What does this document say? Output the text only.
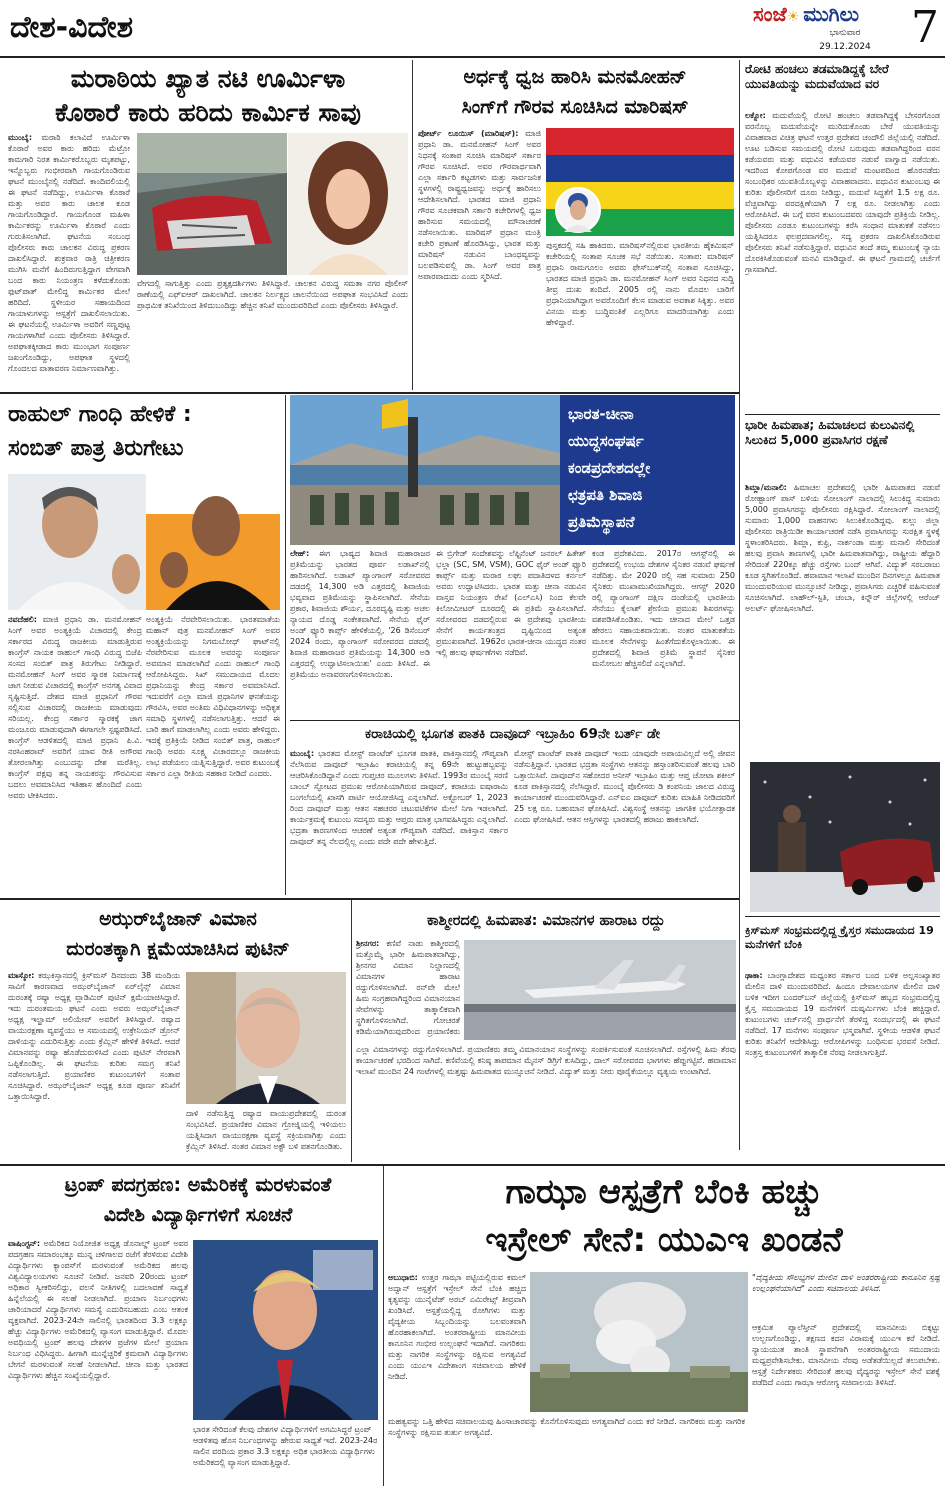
ದೇಶ-ವಿದೇಶ	ಸಂಜೆ☀ ಮುಗಿಲು
ಭಾನುವಾರ
29.12.2024 7
ಮರಾಠಿಯ ಖ್ಯಾತ ನಟಿ ಊರ್ಮಿಳಾ
ಕೊಠಾರೆ ಕಾರು ಹರಿದು ಕಾರ್ಮಿಕ ಸಾವು
ಮುಂಬೈ: ಮರಾಠಿ ಕಲಾವಿದೆ ಊರ್ಮಿಳಾ ಕೊಠಾರೆ ಅವರ ಕಾರು ಹರಿದು ಮೆಟ್ರೋ ಕಾಮಗಾರಿ ನಿರತ ಕಾರ್ಮಿಕರೊಬ್ಬರು ಮೃತಪಟ್ಟು, ಇನ್ನೊಬ್ಬರು ಗಂಭೀರವಾಗಿ ಗಾಯಗೊಂಡಿರುವ ಘಟನೆ ಮುಂಬೈನಲ್ಲಿ ನಡೆದಿದೆ. ಕಾಂದಿವಲಿಯಲ್ಲಿ ಈ ಘಟನೆ ನಡೆದಿದ್ದು, ಊರ್ಮಿಳಾ ಕೊಠಾರೆ ಮತ್ತು ಅವರ ಕಾರು ಚಾಲಕ ಕೂಡ ಗಾಯಗೊಂಡಿದ್ದಾರೆ. ಗಾಯಗೊಂಡ ಮಹಿಳಾ ಕಾರ್ಮಿಕರನ್ನು ಊರ್ಮಿಳಾ ಕೊಠಾರೆ ಎಂದು ಗುರುತಿಸಲಾಗಿದೆ. ಘಟನೆಯ ಸಂಬಂಧ ಪೊಲೀಸರು ಕಾರು ಚಾಲಕನ ವಿರುದ್ಧ ಪ್ರಕರಣ ದಾಖಲಿಸಿದ್ದಾರೆ. ಶುಕ್ರವಾರ ರಾತ್ರಿ ಚಿತ್ರೀಕರಣ ಮುಗಿಸಿ ಮನೆಗೆ ಹಿಂದಿರುಗುತ್ತಿದ್ದಾಗ ವೇಗವಾಗಿ ಬಂದ ಕಾರು ನಿಯಂತ್ರಣ ಕಳೆದುಕೊಂಡು ಫುಟ್‌ಪಾತ್ ಮೇಲಿದ್ದ ಕಾರ್ಮಿಕರ ಮೇಲೆ ಹರಿದಿದೆ. ಸ್ಥಳೀಯರ ಸಹಾಯದಿಂದ ಗಾಯಾಳುಗಳನ್ನು ಆಸ್ಪತ್ರೆಗೆ ದಾಖಲಿಸಲಾಯಿತು. ಈ ಘಟನೆಯಲ್ಲಿ ಊರ್ಮಿಳಾ ಅವರಿಗೆ ಸಣ್ಣಪುಟ್ಟ ಗಾಯಗಳಾಗಿವೆ ಎಂದು ಪೊಲೀಸರು ತಿಳಿಸಿದ್ದಾರೆ. ಅಪಘಾತಕ್ಕೀಡಾದ ಕಾರು ಮುಂಭಾಗ ಸಂಪೂರ್ಣ ಜಖಂಗೊಂಡಿದ್ದು, ಅಪಘಾತ ಸ್ಥಳದಲ್ಲಿ ಗೊಂದಲದ ವಾತಾವರಣ ನಿರ್ಮಾಣವಾಗಿತ್ತು.
ವೇಗದಲ್ಲಿ ಸಾಗುತ್ತಿತ್ತು ಎಂದು ಪ್ರತ್ಯಕ್ಷದರ್ಶಿಗಳು ತಿಳಿಸಿದ್ದಾರೆ. ಚಾಲಕನ ವಿರುದ್ಧ ಸಮತಾ ನಗರ ಪೊಲೀಸ್ ಠಾಣೆಯಲ್ಲಿ ಎಫ್‌ಐಆರ್ ದಾಖಲಾಗಿದೆ. ಚಾಲಕನ ನಿರ್ಲಕ್ಷ್ಯದ ಚಾಲನೆಯಿಂದ ಅಪಘಾತ ಸಂಭವಿಸಿದೆ ಎಂದು ಪ್ರಾಥಮಿಕ ತನಿಖೆಯಿಂದ ತಿಳಿದುಬಂದಿದ್ದು ಹೆಚ್ಚಿನ ತನಿಖೆ ಮುಂದುವರಿದಿದೆ ಎಂದು ಪೊಲೀಸರು ತಿಳಿಸಿದ್ದಾರೆ.
ಅರ್ಧಕ್ಕೆ ಧ್ವಜ ಹಾರಿಸಿ ಮನಮೋಹನ್
ಸಿಂಗ್‌ಗೆ ಗೌರವ ಸೂಚಿಸಿದ ಮಾರಿಷಸ್
ಪೋರ್ಟ್ ಲೂಯಿಸ್ (ಮಾರಿಷಸ್): ಮಾಜಿ ಪ್ರಧಾನಿ ಡಾ. ಮನಮೋಹನ್ ಸಿಂಗ್ ಅವರ ನಿಧನಕ್ಕೆ ಸಂತಾಪ ಸೂಚಿಸಿ ಮಾರಿಷಸ್ ಸರ್ಕಾರ ಗೌರವ ಸೂಚಿಸಿದೆ. ಅವರ ಗೌರವಾರ್ಥವಾಗಿ ಎಲ್ಲಾ ಸರ್ಕಾರಿ ಕಟ್ಟಡಗಳು ಮತ್ತು ಸಾರ್ವಜನಿಕ ಸ್ಥಳಗಳಲ್ಲಿ ರಾಷ್ಟ್ರಧ್ವಜವನ್ನು ಅರ್ಧಕ್ಕೆ ಹಾರಿಸಲು ಆದೇಶಿಸಲಾಗಿದೆ. ಭಾರತದ ಮಾಜಿ ಪ್ರಧಾನಿ ಗೌರವ ಸೂಚಕವಾಗಿ ಸರ್ಕಾರಿ ಕಚೇರಿಗಳಲ್ಲಿ ಧ್ವಜ ಹಾರಿಸುವ ಸಮಯದಲ್ಲಿ ಮೌನಾಚರಣೆ ನಡೆಸಲಾಯಿತು. ಮಾರಿಷಸ್ ಪ್ರಧಾನ ಮಂತ್ರಿ ಕಚೇರಿ ಪ್ರಕಟಣೆ ಹೊರಡಿಸಿದ್ದು, ಭಾರತ ಮತ್ತು ಮಾರಿಷಸ್ ನಡುವಿನ ಬಾಂಧವ್ಯವನ್ನು ಬಲಪಡಿಸುವಲ್ಲಿ ಡಾ. ಸಿಂಗ್ ಅವರ ಪಾತ್ರ ಅಪಾರವಾದುದು ಎಂದು ಸ್ಮರಿಸಿದೆ.
ಪುಸ್ತಕದಲ್ಲಿ ಸಹಿ ಹಾಕಿದರು. ಮಾರಿಷಸ್‌ನಲ್ಲಿರುವ ಭಾರತೀಯ ಹೈಕಮಿಷನ್ ಕಚೇರಿಯಲ್ಲಿ ಸಂತಾಪ ಸೂಚಕ ಸಭೆ ನಡೆಯಿತು. ಸಂತಾಪ: ಮಾರಿಷಸ್ ಪ್ರಧಾನಿ ರಾಮಗೂಲಂ ಅವರು ಫೇಸ್‌ಬುಕ್‌ನಲ್ಲಿ ಸಂತಾಪ ಸೂಚಿಸಿದ್ದು, ಭಾರತದ ಮಾಜಿ ಪ್ರಧಾನಿ ಡಾ. ಮನಮೋಹನ್ ಸಿಂಗ್ ಅವರ ನಿಧನದ ಸುದ್ದಿ ತೀವ್ರ ದುಃಖ ತಂದಿದೆ. 2005 ರಲ್ಲಿ ನಾನು ಮೊದಲ ಬಾರಿಗೆ ಪ್ರಧಾನಿಯಾಗಿದ್ದಾಗ ಅವರೊಂದಿಗೆ ಕೆಲಸ ಮಾಡುವ ಅವಕಾಶ ಸಿಕ್ಕಿತ್ತು. ಅವರ ವಿನಯ ಮತ್ತು ಬುದ್ಧಿವಂತಿಕೆ ಎಲ್ಲರಿಗೂ ಮಾದರಿಯಾಗಿತ್ತು ಎಂದು ಹೇಳಿದ್ದಾರೆ.
ರೋಟಿ ಹಂಚಲು ತಡಮಾಡಿದ್ದಕ್ಕೆ ಬೇರೆ ಯುವತಿಯನ್ನು ಮದುವೆಯಾದ ವರ
ಲಕ್ನೋ: ಮದುವೆಯಲ್ಲಿ ರೋಟಿ ಹಂಚಲು ತಡವಾಗಿದ್ದಕ್ಕೆ ಬೇಸರಗೊಂಡ ವರನೊಬ್ಬ ಮದುವೆಯನ್ನೇ ಮುರಿದುಕೊಂಡು ಬೇರೆ ಯುವತಿಯನ್ನು ವಿವಾಹವಾದ ವಿಚಿತ್ರ ಘಟನೆ ಉತ್ತರ ಪ್ರದೇಶದ ಚಂದೌಲಿ ಜಿಲ್ಲೆಯಲ್ಲಿ ನಡೆದಿದೆ. ಊಟ ಬಡಿಸುವ ಸಮಯದಲ್ಲಿ ರೋಟಿ ಬರುವುದು ತಡವಾಗಿದ್ದರಿಂದ ವರನ ಕಡೆಯವರು ಮತ್ತು ವಧುವಿನ ಕಡೆಯವರ ನಡುವೆ ವಾಗ್ವಾದ ನಡೆಯಿತು. ಇದರಿಂದ ಕೋಪಗೊಂಡ ವರ ಮದುವೆ ಮಂಟಪದಿಂದ ಹೊರನಡೆದು ಸಂಬಂಧಿಕರ ಯುವತಿಯೊಬ್ಬಳನ್ನು ವಿವಾಹವಾದನು. ವಧುವಿನ ಕುಟುಂಬವು ಈ ಕುರಿತು ಪೊಲೀಸರಿಗೆ ದೂರು ನೀಡಿದ್ದು, ಮದುವೆ ಸಿದ್ಧತೆಗೆ 1.5 ಲಕ್ಷ ರೂ. ವೆಚ್ಚವಾಗಿದ್ದು ವರದಕ್ಷಿಣೆಯಾಗಿ 7 ಲಕ್ಷ ರೂ. ನೀಡಲಾಗಿತ್ತು ಎಂದು ಆರೋಪಿಸಿದೆ. ಈ ಬಗ್ಗೆ ವರನ ಕುಟುಂಬದವರು ಯಾವುದೇ ಪ್ರತಿಕ್ರಿಯೆ ನೀಡಿಲ್ಲ. ಪೊಲೀಸರು ಎರಡೂ ಕುಟುಂಬಗಳನ್ನು ಕರೆಸಿ ಸಂಧಾನ ಮಾತುಕತೆ ನಡೆಸಲು ಯತ್ನಿಸಿದರೂ ಫಲಪ್ರದವಾಗಲಿಲ್ಲ. ಸದ್ಯ ಪ್ರಕರಣ ದಾಖಲಿಸಿಕೊಂಡಿರುವ ಪೊಲೀಸರು ತನಿಖೆ ನಡೆಸುತ್ತಿದ್ದಾರೆ. ವಧುವಿನ ತಂದೆ ತಮ್ಮ ಕುಟುಂಬಕ್ಕೆ ನ್ಯಾಯ ದೊರಕಿಸಿಕೊಡುವಂತೆ ಮನವಿ ಮಾಡಿದ್ದಾರೆ. ಈ ಘಟನೆ ಗ್ರಾಮದಲ್ಲಿ ಚರ್ಚೆಗೆ ಗ್ರಾಸವಾಗಿದೆ.
ಭಾರೀ ಹಿಮಪಾತ; ಹಿಮಾಚಲದ ಕುಲುವಿನಲ್ಲಿ ಸಿಲುಕಿದ 5,000 ಪ್ರವಾಸಿಗರ ರಕ್ಷಣೆ
ಶಿಮ್ಲಾ/ಮನಾಲಿ: ಹಿಮಾಚಲ ಪ್ರದೇಶದಲ್ಲಿ ಭಾರೀ ಹಿಮಪಾತದ ನಡುವೆ ರೋಹ್ಟಾಂಗ್ ಪಾಸ್ ಬಳಿಯ ಸೋಲಾಂಗ್ ನಾಲಾದಲ್ಲಿ ಸಿಲುಕಿದ್ದ ಸುಮಾರು 5,000 ಪ್ರವಾಸಿಗರನ್ನು ಪೊಲೀಸರು ರಕ್ಷಿಸಿದ್ದಾರೆ. ಸೋಲಾಂಗ್ ನಾಲಾದಲ್ಲಿ ಸುಮಾರು 1,000 ವಾಹನಗಳು ಸಿಲುಕಿಕೊಂಡಿದ್ದವು. ಕುಲ್ಲು ಜಿಲ್ಲಾ ಪೊಲೀಸರು ರಾತ್ರಿಯಿಡೀ ಕಾರ್ಯಾಚರಣೆ ನಡೆಸಿ ಪ್ರವಾಸಿಗರನ್ನು ಸುರಕ್ಷಿತ ಸ್ಥಳಕ್ಕೆ ಸ್ಥಳಾಂತರಿಸಿದರು. ಶಿಮ್ಲಾ, ಕುಫ್ರಿ, ನಾರ್ಕಂಡಾ ಮತ್ತು ಮನಾಲಿ ಸೇರಿದಂತೆ ಹಲವು ಪ್ರವಾಸಿ ತಾಣಗಳಲ್ಲಿ ಭಾರೀ ಹಿಮಪಾತವಾಗಿದ್ದು, ರಾಷ್ಟ್ರೀಯ ಹೆದ್ದಾರಿ ಸೇರಿದಂತೆ 220ಕ್ಕೂ ಹೆಚ್ಚು ರಸ್ತೆಗಳು ಬಂದ್ ಆಗಿವೆ. ವಿದ್ಯುತ್ ಸರಬರಾಜು ಕೂಡ ಸ್ಥಗಿತಗೊಂಡಿದೆ. ಹವಾಮಾನ ಇಲಾಖೆ ಮುಂದಿನ ದಿನಗಳಲ್ಲೂ ಹಿಮಪಾತ ಮುಂದುವರಿಯುವ ಮುನ್ಸೂಚನೆ ನೀಡಿದ್ದು, ಪ್ರವಾಸಿಗರು ಎಚ್ಚರಿಕೆ ವಹಿಸುವಂತೆ ಸೂಚಿಸಲಾಗಿದೆ. ಲಾಹೌಲ್-ಸ್ಪಿತಿ, ಚಂಬಾ, ಕಿನ್ನೌರ್ ಜಿಲ್ಲೆಗಳಲ್ಲಿ ಆರೆಂಜ್ ಅಲರ್ಟ್ ಘೋಷಿಸಲಾಗಿದೆ.
ಕ್ರಿಸ್‌ಮಸ್ ಸಂಭ್ರಮದಲ್ಲಿದ್ದ ಕ್ರೈಸ್ತರ ಸಮುದಾಯದ 19 ಮನೆಗಳಿಗೆ ಬೆಂಕಿ
ಢಾಕಾ: ಬಾಂಗ್ಲಾದೇಶದ ಮಧ್ಯಂತರ ಸರ್ಕಾರ ಬಂದ ಬಳಿಕ ಅಲ್ಪಸಂಖ್ಯಾತರ ಮೇಲಿನ ದಾಳಿ ಮುಂದುವರಿದಿದೆ. ಹಿಂದೂ ದೇವಾಲಯಗಳ ಮೇಲಿನ ದಾಳಿ ಬಳಿಕ ಇದೀಗ ಬಂದರ್‌ಬನ್ ಜಿಲ್ಲೆಯಲ್ಲಿ ಕ್ರಿಸ್‌ಮಸ್ ಹಬ್ಬದ ಸಂಭ್ರಮದಲ್ಲಿದ್ದ ಕ್ರೈಸ್ತ ಸಮುದಾಯದ 19 ಮನೆಗಳಿಗೆ ದುಷ್ಕರ್ಮಿಗಳು ಬೆಂಕಿ ಹಚ್ಚಿದ್ದಾರೆ. ಕುಟುಂಬಗಳು ಚರ್ಚ್‌ನಲ್ಲಿ ಪ್ರಾರ್ಥನೆಗೆ ತೆರಳಿದ್ದ ಸಂದರ್ಭದಲ್ಲಿ ಈ ಘಟನೆ ನಡೆದಿದೆ. 17 ಮನೆಗಳು ಸಂಪೂರ್ಣ ಭಸ್ಮವಾಗಿವೆ. ಸ್ಥಳೀಯ ಆಡಳಿತ ಘಟನೆ ಕುರಿತು ತನಿಖೆಗೆ ಆದೇಶಿಸಿದ್ದು ಆರೋಪಿಗಳನ್ನು ಬಂಧಿಸುವ ಭರವಸೆ ನೀಡಿದೆ. ಸಂತ್ರಸ್ತ ಕುಟುಂಬಗಳಿಗೆ ತಾತ್ಕಾಲಿಕ ನೆರವು ನೀಡಲಾಗುತ್ತಿದೆ.
ರಾಹುಲ್ ಗಾಂಧಿ ಹೇಳಿಕೆ :
ಸಂಬಿತ್ ಪಾತ್ರ ತಿರುಗೇಟು
ನವದೆಹಲಿ: ಮಾಜಿ ಪ್ರಧಾನಿ ಡಾ. ಮನಮೋಹನ್ ಸಿಂಗ್ ಅವರ ಅಂತ್ಯಕ್ರಿಯೆ ವಿಚಾರದಲ್ಲಿ ಕೇಂದ್ರ ಸರ್ಕಾರದ ವಿರುದ್ಧ ರಾಜಕೀಯ ಮಾಡುತ್ತಿರುವ ಕಾಂಗ್ರೆಸ್ ನಾಯಕ ರಾಹುಲ್ ಗಾಂಧಿ ವಿರುದ್ಧ ಬಿಜೆಪಿ ಸಂಸದ ಸಂಬಿತ್ ಪಾತ್ರ ತಿರುಗೇಟು ನೀಡಿದ್ದಾರೆ. ಮನಮೋಹನ್ ಸಿಂಗ್ ಅವರ ಸ್ಮಾರಕ ನಿರ್ಮಾಣಕ್ಕೆ ಜಾಗ ನೀಡುವ ವಿಚಾರದಲ್ಲಿ ಕಾಂಗ್ರೆಸ್ ಅನಗತ್ಯ ವಿವಾದ ಸೃಷ್ಟಿಸುತ್ತಿದೆ. ದೇಶದ ಮಾಜಿ ಪ್ರಧಾನಿಗೆ ಗೌರವ ಸಲ್ಲಿಸುವ ವಿಚಾರದಲ್ಲಿ ರಾಜಕೀಯ ಮಾಡುವುದು ಸರಿಯಲ್ಲ. ಕೇಂದ್ರ ಸರ್ಕಾರ ಸ್ಮಾರಕಕ್ಕೆ ಜಾಗ ಮಂಜೂರು ಮಾಡುವುದಾಗಿ ಈಗಾಗಲೇ ಸ್ಪಷ್ಟಪಡಿಸಿದೆ. ಕಾಂಗ್ರೆಸ್ ಆಡಳಿತದಲ್ಲಿ ಮಾಜಿ ಪ್ರಧಾನಿ ಪಿ.ವಿ. ನರಸಿಂಹರಾವ್ ಅವರಿಗೆ ಯಾವ ರೀತಿ ಅಗೌರವ ತೋರಲಾಗಿತ್ತು ಎಂಬುದನ್ನು ದೇಶ ಮರೆತಿಲ್ಲ. ಕಾಂಗ್ರೆಸ್ ಪಕ್ಷವು ತನ್ನ ನಾಯಕರನ್ನು ಗೌರವಿಸುವ ಬದಲು ಅವಮಾನಿಸಿದ ಇತಿಹಾಸ ಹೊಂದಿದೆ ಎಂದು ಅವರು ಟೀಕಿಸಿದರು.
ಅಂತ್ಯಕ್ರಿಯೆ ನೆರವೇರಿಸಲಾಯಿತು. ಭಾರತಮಾತೆಯ ಮಹಾನ್ ಪುತ್ರ ಮನಮೋಹನ್ ಸಿಂಗ್ ಅವರ ಅಂತ್ಯಕ್ರಿಯೆಯನ್ನು ನಿಗಮಬೋಧ್ ಘಾಟ್‌ನಲ್ಲಿ ನೆರವೇರಿಸುವ ಮೂಲಕ ಅವರನ್ನು ಸಂಪೂರ್ಣ ಅವಮಾನ ಮಾಡಲಾಗಿದೆ ಎಂದು ರಾಹುಲ್ ಗಾಂಧಿ ಆರೋಪಿಸಿದ್ದರು. ಸಿಖ್ ಸಮುದಾಯದ ಮೊದಲ ಪ್ರಧಾನಿಯನ್ನು ಕೇಂದ್ರ ಸರ್ಕಾರ ಅವಮಾನಿಸಿದೆ. ಇದುವರೆಗೆ ಎಲ್ಲಾ ಮಾಜಿ ಪ್ರಧಾನಿಗಳ ಘನತೆಯನ್ನು ಗೌರವಿಸಿ, ಅವರ ಅಂತಿಮ ವಿಧಿವಿಧಾನಗಳನ್ನು ಅಧಿಕೃತ ಸಮಾಧಿ ಸ್ಥಳಗಳಲ್ಲಿ ನಡೆಸಲಾಗುತ್ತಿತ್ತು. ಆದರೆ ಈ ಬಾರಿ ಹಾಗೆ ಮಾಡಲಾಗಿಲ್ಲ ಎಂದು ಅವರು ಹೇಳಿದ್ದರು. ಇದಕ್ಕೆ ಪ್ರತಿಕ್ರಿಯೆ ನೀಡಿದ ಸಂಬಿತ್ ಪಾತ್ರ, ರಾಹುಲ್ ಗಾಂಧಿ ಅವರು ಸೂಕ್ಷ್ಮ ವಿಚಾರದಲ್ಲೂ ರಾಜಕೀಯ ಲಾಭ ಪಡೆಯಲು ಯತ್ನಿಸುತ್ತಿದ್ದಾರೆ. ಅವರ ಕುಟುಂಬಕ್ಕೆ ಸರ್ಕಾರ ಎಲ್ಲಾ ರೀತಿಯ ಸಹಕಾರ ನೀಡಿದೆ ಎಂದರು.
ಭಾರತ-ಚೀನಾ
ಯುದ್ಧಸಂಘರ್ಷ
ಕಂಡಪ್ರದೇಶದಲ್ಲೇ
ಛತ್ರಪತಿ ಶಿವಾಜಿ
ಪ್ರತಿಮೆಸ್ಥಾಪನೆ
ಲೇಹ್: ಈಗ ಭಾಷ್ಯದ ಶಿವಾಜಿ ಮಹಾರಾಜರ ಪ್ರತಿಮೆಯನ್ನು ಭಾರತದ ಪೂರ್ವ ಲಡಾಖ್‌ನಲ್ಲಿ ಹಾರಿಸಲಾಗಿದೆ. ಲಡಾಖ್ ಪ್ಯಾಂಗಾಂಗ್ ಸರೋವರದ ದಡದಲ್ಲಿ 14,300 ಅಡಿ ಎತ್ತರದಲ್ಲಿ ಶಿವಾಜಿಯ ಭವ್ಯವಾದ ಪ್ರತಿಮೆಯನ್ನು ಸ್ಥಾಪಿಸಲಾಗಿದೆ. ಸೇನೆಯ ಪ್ರಕಾರ, ಶಿವಾಜಿಯ ಶೌರ್ಯ, ದೂರದೃಷ್ಟಿ ಮತ್ತು ಅಚಲ ನ್ಯಾಯದ ದೊಡ್ಡ ಸಂಕೇತವಾಗಿದೆ. ಸೇನೆಯ ಫೈರ್ ಅಂಡ್ ಫ್ಯೂರಿ ಕಾರ್ಪ್ಸ್ ಹೇಳಿಕೆಯಲ್ಲಿ, '26 ಡಿಸೆಂಬರ್ 2024 ರಂದು, ಪ್ಯಾಂಗಾಂಗ್ ಸರೋವರದ ದಡದಲ್ಲಿ ಶಿವಾಜಿ ಮಹಾರಾಜರ ಪ್ರತಿಮೆಯನ್ನು 14,300 ಅಡಿ ಎತ್ತರದಲ್ಲಿ ಉದ್ಘಾಟಿಸಲಾಯಿತು' ಎಂದು ತಿಳಿಸಿದೆ. ಈ ಪ್ರತಿಮೆಯು ಅನಾವರಣಗೊಳಿಸಲಾಯಿತು.
ಈ ಬ್ರಿಗೇಡ್ ಸಂದೇಶವನ್ನು ಲೆಫ್ಟಿನೆಂಟ್ ಜನರಲ್ ಹಿತೇಶ್ ಭಲ್ಲಾ (SC, SM, VSM), GOC ಫೈರ್ ಅಂಡ್ ಫ್ಯೂರಿ ಕಾರ್ಪ್ಸ್ ಮತ್ತು ಮರಾಠ ಲಘು ಪದಾತಿದಳದ ಕರ್ನಲ್ ಅವರು ಉದ್ಘಾಟಿಸಿದರು. ಭಾರತ ಮತ್ತು ಚೀನಾ ನಡುವಿನ ವಾಸ್ತವ ನಿಯಂತ್ರಣ ರೇಖೆ (ಎಲ್‌ಎಸಿ) ನಿಂದ ಕೆಲವೇ ಕಿಲೋಮೀಟರ್ ದೂರದಲ್ಲಿ ಈ ಪ್ರತಿಮೆ ಸ್ಥಾಪಿಸಲಾಗಿದೆ. ಸರೋವರದ ದಡದಲ್ಲಿರುವ ಈ ಪ್ರದೇಶವು ಭಾರತೀಯ ಸೇನೆಗೆ ಕಾರ್ಯತಂತ್ರದ ದೃಷ್ಟಿಯಿಂದ ಅತ್ಯಂತ ಪ್ರಮುಖವಾಗಿದೆ. 1962ರ ಭಾರತ-ಚೀನಾ ಯುದ್ಧದ ನಂತರ ಇಲ್ಲಿ ಹಲವು ಘರ್ಷಣೆಗಳು ನಡೆದಿವೆ.
ಕಂಡ ಪ್ರದೇಶವಿದು. 2017ರ ಆಗಸ್ಟ್‌ನಲ್ಲಿ ಈ ಪ್ರದೇಶದಲ್ಲಿ ಉಭಯ ದೇಶಗಳ ಸೈನಿಕರ ನಡುವೆ ಘರ್ಷಣೆ ನಡೆದಿತ್ತು. ಮೇ 2020 ರಲ್ಲಿ ಸಹ ಸುಮಾರು 250 ಸೈನಿಕರು ಮುಖಾಮುಖಿಯಾಗಿದ್ದರು. ಆಗಸ್ಟ್ 2020 ರಲ್ಲಿ ಪ್ಯಾಂಗಾಂಗ್ ದಕ್ಷಿಣ ದಂಡೆಯಲ್ಲಿ ಭಾರತೀಯ ಸೇನೆಯು ಕೈಲಾಶ್ ಶ್ರೇಣಿಯ ಪ್ರಮುಖ ಶಿಖರಗಳನ್ನು ವಶಪಡಿಸಿಕೊಂಡಿತು. ಇದು ಚೀನಾದ ಮೇಲೆ ಒತ್ತಡ ಹೇರಲು ಸಹಾಯಕವಾಯಿತು. ನಂತರ ಮಾತುಕತೆಯ ಮೂಲಕ ಸೇನೆಗಳನ್ನು ಹಿಂತೆಗೆದುಕೊಳ್ಳಲಾಯಿತು. ಈ ಪ್ರದೇಶದಲ್ಲಿ ಶಿವಾಜಿ ಪ್ರತಿಮೆ ಸ್ಥಾಪನೆ ಸೈನಿಕರ ಮನೋಬಲ ಹೆಚ್ಚಿಸಲಿದೆ ಎನ್ನಲಾಗಿದೆ.
ಕರಾಚಿಯಲ್ಲಿ ಭೂಗತ ಪಾತಕಿ ದಾವೂದ್ ಇಬ್ರಾಹಿಂ 69ನೇ ಬರ್ತ್ ಡೇ
ಮುಂಬೈ: ಭಾರತದ ಮೋಸ್ಟ್ ವಾಂಟೆಡ್ ಭೂಗತ ಪಾತಕಿ, ಪಾಕಿಸ್ತಾನದಲ್ಲಿ ಗೌಪ್ಯವಾಗಿ ನೆಲೆಸಿರುವ ದಾವೂದ್ ಇಬ್ರಾಹಿಂ ಕರಾಚಿಯಲ್ಲಿ ತನ್ನ 69ನೇ ಹುಟ್ಟುಹಬ್ಬವನ್ನು ಆಚರಿಸಿಕೊಂಡಿದ್ದಾನೆ ಎಂದು ಗುಪ್ತಚರ ಮೂಲಗಳು ತಿಳಿಸಿವೆ. 1993ರ ಮುಂಬೈ ಸರಣಿ ಬಾಂಬ್ ಸ್ಫೋಟದ ಪ್ರಮುಖ ಆರೋಪಿಯಾಗಿರುವ ದಾವೂದ್, ಕರಾಚಿಯ ಐಷಾರಾಮಿ ಬಂಗಲೆಯಲ್ಲಿ ಖಾಸಗಿ ಪಾರ್ಟಿ ಆಯೋಜಿಸಿದ್ದ ಎನ್ನಲಾಗಿದೆ. ಅಕ್ಟೋಬರ್ 1, 2023 ರಿಂದ ದಾವೂದ್ ಮತ್ತು ಆತನ ಸಹಚರರ ಚಟುವಟಿಕೆಗಳ ಮೇಲೆ ನಿಗಾ ಇಡಲಾಗಿದೆ. ಕಾರ್ಯಕ್ರಮಕ್ಕೆ ಕುಟುಂಬ ಸದಸ್ಯರು ಮತ್ತು ಆಪ್ತರು ಮಾತ್ರ ಭಾಗವಹಿಸಿದ್ದರು ಎನ್ನಲಾಗಿದೆ. ಭದ್ರತಾ ಕಾರಣಗಳಿಂದ ಆಚರಣೆ ಅತ್ಯಂತ ಗೌಪ್ಯವಾಗಿ ನಡೆದಿದೆ. ಪಾಕಿಸ್ತಾನ ಸರ್ಕಾರ ದಾವೂದ್ ತನ್ನ ನೆಲದಲ್ಲಿಲ್ಲ ಎಂದು ಪದೇ ಪದೇ ಹೇಳುತ್ತಿದೆ.
ಮೋಸ್ಟ್ ವಾಂಟೆಡ್ ಪಾತಕಿ ದಾವೂದ್ ಇಂದು ಯಾವುದೇ ಅಪಾಯವಿಲ್ಲದೆ ಅಲ್ಲಿ ಜೀವನ ನಡೆಸುತ್ತಿದ್ದಾನೆ. ಭಾರತದ ಭದ್ರತಾ ಸಂಸ್ಥೆಗಳು ಆತನನ್ನು ಹಸ್ತಾಂತರಿಸುವಂತೆ ಹಲವು ಬಾರಿ ಒತ್ತಾಯಿಸಿವೆ. ದಾವೂದ್‌ನ ಸಹೋದರ ಅನೀಸ್ ಇಬ್ರಾಹಿಂ ಮತ್ತು ಆಪ್ತ ಚೋಟಾ ಶಕೀಲ್ ಕೂಡ ಪಾಕಿಸ್ತಾನದಲ್ಲಿ ನೆಲೆಸಿದ್ದಾರೆ. ಮುಂಬೈ ಪೊಲೀಸರು ಡಿ ಕಂಪನಿಯ ಜಾಲದ ವಿರುದ್ಧ ಕಾರ್ಯಾಚರಣೆ ಮುಂದುವರಿಸಿದ್ದಾರೆ. ಎನ್‌ಐಎ ದಾವೂದ್ ಕುರಿತು ಮಾಹಿತಿ ನೀಡಿದವರಿಗೆ 25 ಲಕ್ಷ ರೂ. ಬಹುಮಾನ ಘೋಷಿಸಿದೆ. ವಿಶ್ವಸಂಸ್ಥೆ ಆತನನ್ನು ಜಾಗತಿಕ ಭಯೋತ್ಪಾದಕ ಎಂದು ಘೋಷಿಸಿದೆ. ಆತನ ಆಸ್ತಿಗಳನ್ನು ಭಾರತದಲ್ಲಿ ಹರಾಜು ಹಾಕಲಾಗಿದೆ.
ಅಝರ್‌ಬೈಜಾನ್ ವಿಮಾನ
ದುರಂತಕ್ಕಾಗಿ ಕ್ಷಮೆಯಾಚಿಸಿದ ಪುಟಿನ್
ಮಾಸ್ಕೋ: ಕಝಕಿಸ್ತಾನದಲ್ಲಿ ಕ್ರಿಸ್‌ಮಸ್ ದಿನದಂದು 38 ಮಂದಿಯ ಸಾವಿಗೆ ಕಾರಣವಾದ ಅಝರ್‌ಬೈಜಾನ್ ಏರ್‌ಲೈನ್ಸ್ ವಿಮಾನ ದುರಂತಕ್ಕೆ ರಷ್ಯಾ ಅಧ್ಯಕ್ಷ ವ್ಲಾಡಿಮಿರ್ ಪುಟಿನ್ ಕ್ಷಮೆಯಾಚಿಸಿದ್ದಾರೆ. ಇದು ದುರಂತಮಯ ಘಟನೆ ಎಂದು ಅವರು ಅಝರ್‌ಬೈಜಾನ್ ಅಧ್ಯಕ್ಷ ಇಲ್ಹಾಮ್ ಅಲಿಯೇವ್ ಅವರಿಗೆ ತಿಳಿಸಿದ್ದಾರೆ. ರಷ್ಯಾದ ವಾಯುರಕ್ಷಣಾ ವ್ಯವಸ್ಥೆಯು ಆ ಸಮಯದಲ್ಲಿ ಉಕ್ರೇನಿಯನ್ ಡ್ರೋನ್ ದಾಳಿಯನ್ನು ಎದುರಿಸುತ್ತಿತ್ತು ಎಂದು ಕ್ರೆಮ್ಲಿನ್ ಹೇಳಿಕೆ ತಿಳಿಸಿದೆ. ಆದರೆ ವಿಮಾನವನ್ನು ರಷ್ಯಾ ಹೊಡೆದುರುಳಿಸಿದೆ ಎಂದು ಪುಟಿನ್ ನೇರವಾಗಿ ಒಪ್ಪಿಕೊಂಡಿಲ್ಲ. ಈ ಘಟನೆಯ ಕುರಿತು ಸಮಗ್ರ ತನಿಖೆ ನಡೆಸಲಾಗುತ್ತಿದೆ. ಪ್ರಯಾಣಿಕರ ಕುಟುಂಬಗಳಿಗೆ ಸಂತಾಪ ಸೂಚಿಸಿದ್ದಾರೆ. ಅಝರ್‌ಬೈಜಾನ್ ಅಧ್ಯಕ್ಷ ಕೂಡ ಪೂರ್ಣ ತನಿಖೆಗೆ ಒತ್ತಾಯಿಸಿದ್ದಾರೆ.
ದಾಳಿ ನಡೆಸುತ್ತಿದ್ದ ರಷ್ಯಾದ ವಾಯುಪ್ರದೇಶದಲ್ಲಿ ದುರಂತ ಸಂಭವಿಸಿದೆ. ಪ್ರಯಾಣಿಕರ ವಿಮಾನ ಗ್ರೋಜ್ನಿಯಲ್ಲಿ ಇಳಿಯಲು ಯತ್ನಿಸಿದಾಗ ವಾಯುರಕ್ಷಣಾ ವ್ಯವಸ್ಥೆ ಸಕ್ರಿಯವಾಗಿತ್ತು ಎಂದು ಕ್ರೆಮ್ಲಿನ್ ತಿಳಿಸಿದೆ. ನಂತರ ವಿಮಾನ ಅಕ್ಟೌ ಬಳಿ ಪತನಗೊಂಡಿತು.
ಕಾಶ್ಮೀರದಲ್ಲಿ ಹಿಮಪಾತ: ವಿಮಾನಗಳ ಹಾರಾಟ ರದ್ದು
ಶ್ರೀನಗರ: ಕಣಿವೆ ನಾಡು ಕಾಶ್ಮೀರದಲ್ಲಿ ಮತ್ತೊಮ್ಮೆ ಭಾರೀ ಹಿಮಪಾತವಾಗಿದ್ದು, ಶ್ರೀನಗರ ವಿಮಾನ ನಿಲ್ದಾಣದಲ್ಲಿ ವಿಮಾನಗಳ ಹಾರಾಟ ರದ್ದುಗೊಳಿಸಲಾಗಿದೆ. ರನ್‌ವೇ ಮೇಲೆ ಹಿಮ ಸಂಗ್ರಹವಾಗಿದ್ದರಿಂದ ವಿಮಾನಯಾನ ಸೇವೆಗಳನ್ನು ತಾತ್ಕಾಲಿಕವಾಗಿ ಸ್ಥಗಿತಗೊಳಿಸಲಾಗಿದೆ. ಗೋಚರತೆ ಕಡಿಮೆಯಾಗಿರುವುದರಿಂದ ಪ್ರಯಾಣಿಕರು
ಎಲ್ಲಾ ವಿಮಾನಗಳನ್ನು ರದ್ದುಗೊಳಿಸಲಾಗಿದೆ. ಪ್ರಯಾಣಿಕರು ತಮ್ಮ ವಿಮಾನಯಾನ ಸಂಸ್ಥೆಗಳನ್ನು ಸಂಪರ್ಕಿಸುವಂತೆ ಸೂಚಿಸಲಾಗಿದೆ. ರಸ್ತೆಗಳಲ್ಲಿ ಹಿಮ ತೆರವು ಕಾರ್ಯಾಚರಣೆ ಭರದಿಂದ ಸಾಗಿದೆ. ಕಣಿವೆಯಲ್ಲಿ ಕನಿಷ್ಠ ತಾಪಮಾನ ಮೈನಸ್ ಡಿಗ್ರಿಗೆ ಕುಸಿದಿದ್ದು, ದಾಲ್ ಸರೋವರದ ಭಾಗಗಳು ಹೆಪ್ಪುಗಟ್ಟಿವೆ. ಹವಾಮಾನ ಇಲಾಖೆ ಮುಂದಿನ 24 ಗಂಟೆಗಳಲ್ಲಿ ಮತ್ತಷ್ಟು ಹಿಮಪಾತದ ಮುನ್ಸೂಚನೆ ನೀಡಿದೆ. ವಿದ್ಯುತ್ ಮತ್ತು ನೀರು ಪೂರೈಕೆಯಲ್ಲೂ ವ್ಯತ್ಯಯ ಉಂಟಾಗಿದೆ.
ಟ್ರಂಪ್ ಪದಗ್ರಹಣ: ಅಮೆರಿಕಕ್ಕೆ ಮರಳುವಂತೆ
ವಿದೇಶಿ ವಿದ್ಯಾರ್ಥಿಗಳಿಗೆ ಸೂಚನೆ
ವಾಷಿಂಗ್ಟನ್: ಅಮೆರಿಕದ ನಿಯೋಜಿತ ಅಧ್ಯಕ್ಷ ಡೊನಾಲ್ಡ್ ಟ್ರಂಪ್ ಅವರ ಪದಗ್ರಹಣ ಸಮಾರಂಭಕ್ಕೂ ಮುನ್ನ ಚಳಿಗಾಲದ ರಜೆಗೆ ತೆರಳಿರುವ ವಿದೇಶಿ ವಿದ್ಯಾರ್ಥಿಗಳು ಕ್ಯಾಂಪಸ್‌ಗೆ ಮರಳುವಂತೆ ಅಮೆರಿಕದ ಹಲವು ವಿಶ್ವವಿದ್ಯಾಲಯಗಳು ಸೂಚನೆ ನೀಡಿವೆ. ಜನವರಿ 20ರಂದು ಟ್ರಂಪ್ ಅಧಿಕಾರ ಸ್ವೀಕರಿಸಲಿದ್ದು, ವಲಸೆ ನೀತಿಗಳಲ್ಲಿ ಬದಲಾವಣೆ ಸಾಧ್ಯತೆ ಹಿನ್ನೆಲೆಯಲ್ಲಿ ಈ ಸಲಹೆ ನೀಡಲಾಗಿದೆ. ಪ್ರಯಾಣ ನಿರ್ಬಂಧಗಳು ಜಾರಿಯಾದರೆ ವಿದ್ಯಾರ್ಥಿಗಳು ಸಮಸ್ಯೆ ಎದುರಿಸಬಹುದು ಎಂಬ ಆತಂಕ ವ್ಯಕ್ತವಾಗಿದೆ. 2023-24ನೇ ಸಾಲಿನಲ್ಲಿ ಭಾರತದಿಂದ 3.3 ಲಕ್ಷಕ್ಕೂ ಹೆಚ್ಚು ವಿದ್ಯಾರ್ಥಿಗಳು ಅಮೆರಿಕದಲ್ಲಿ ವ್ಯಾಸಂಗ ಮಾಡುತ್ತಿದ್ದಾರೆ. ಮೊದಲ ಅವಧಿಯಲ್ಲಿ ಟ್ರಂಪ್ ಹಲವು ದೇಶಗಳ ಪ್ರಜೆಗಳ ಮೇಲೆ ಪ್ರಯಾಣ ನಿರ್ಬಂಧ ವಿಧಿಸಿದ್ದರು. ಹೀಗಾಗಿ ಮುನ್ನೆಚ್ಚರಿಕೆ ಕ್ರಮವಾಗಿ ವಿದ್ಯಾರ್ಥಿಗಳು ಬೇಗನೆ ಮರಳುವಂತೆ ಸಲಹೆ ನೀಡಲಾಗಿದೆ. ಚೀನಾ ಮತ್ತು ಭಾರತದ ವಿದ್ಯಾರ್ಥಿಗಳು ಹೆಚ್ಚಿನ ಸಂಖ್ಯೆಯಲ್ಲಿದ್ದಾರೆ.
ಭಾರತ ಸೇರಿದಂತೆ ಕೆಲವು ದೇಶಗಳ ವಿದ್ಯಾರ್ಥಿಗಳಿಗೆ ಅಗಮಿಸಿದ್ದರೆ ಟ್ರಂಪ್ ಆಡಳಿತವು ಹೊಸ ನಿರ್ಬಂಧಗಳನ್ನು ಹೇರುವ ಸಾಧ್ಯತೆ ಇದೆ. 2023-24ರ ಸಾಲಿನ ವರದಿಯ ಪ್ರಕಾರ 3.3 ಲಕ್ಷಕ್ಕೂ ಅಧಿಕ ಭಾರತೀಯ ವಿದ್ಯಾರ್ಥಿಗಳು ಅಮೆರಿಕದಲ್ಲಿ ವ್ಯಾಸಂಗ ಮಾಡುತ್ತಿದ್ದಾರೆ.
ಗಾಝಾ ಆಸ್ಪತ್ರೆಗೆ ಬೆಂಕಿ ಹಚ್ಚು
ಇಸ್ರೇಲ್ ಸೇನೆ: ಯುಎಇ ಖಂಡನೆ
ಅಬುಧಾಬಿ: ಉತ್ತರ ಗಾಝಾ ಪಟ್ಟಿಯಲ್ಲಿರುವ ಕಮಲ್ ಅದ್ವಾನ್ ಆಸ್ಪತ್ರೆಗೆ ಇಸ್ರೇಲ್ ಸೇನೆ ಬೆಂಕಿ ಹಚ್ಚಿದ ಕೃತ್ಯವನ್ನು ಯುನೈಟೆಡ್ ಅರಬ್ ಎಮಿರೇಟ್ಸ್ ತೀವ್ರವಾಗಿ ಖಂಡಿಸಿದೆ. ಆಸ್ಪತ್ರೆಯಲ್ಲಿದ್ದ ರೋಗಿಗಳು ಮತ್ತು ವೈದ್ಯಕೀಯ ಸಿಬ್ಬಂದಿಯನ್ನು ಬಲವಂತವಾಗಿ ಹೊರಹಾಕಲಾಗಿದೆ. ಅಂತರರಾಷ್ಟ್ರೀಯ ಮಾನವೀಯ ಕಾನೂನಿನ ಗಂಭೀರ ಉಲ್ಲಂಘನೆ ಇದಾಗಿದೆ. ನಾಗರಿಕರು ಮತ್ತು ನಾಗರಿಕ ಸಂಸ್ಥೆಗಳನ್ನು ರಕ್ಷಿಸುವ ಅಗತ್ಯವಿದೆ ಎಂದು ಯುಎಇ ವಿದೇಶಾಂಗ ಸಚಿವಾಲಯ ಹೇಳಿಕೆ ನೀಡಿದೆ.
"ವೈದ್ಯಕೀಯ ಸೌಲಭ್ಯಗಳ ಮೇಲಿನ ದಾಳಿ ಅಂತರರಾಷ್ಟ್ರೀಯ ಕಾನೂನಿನ ಸ್ಪಷ್ಟ ಉಲ್ಲಂಘನೆಯಾಗಿದೆ" ಎಂದು ಸಚಿವಾಲಯ ತಿಳಿಸಿದೆ.
ಆಕ್ರಮಿತ ಪ್ಯಾಲೆಸ್ತೀನ್ ಪ್ರದೇಶದಲ್ಲಿ ಮಾನವೀಯ ಬಿಕ್ಕಟ್ಟು ಉಲ್ಬಣಗೊಂಡಿದ್ದು, ತಕ್ಷಣದ ಕದನ ವಿರಾಮಕ್ಕೆ ಯುಎಇ ಕರೆ ನೀಡಿದೆ. ನ್ಯಾಯಯುತ ಶಾಂತಿ ಸ್ಥಾಪನೆಗಾಗಿ ಅಂತರರಾಷ್ಟ್ರೀಯ ಸಮುದಾಯ ಮಧ್ಯಪ್ರವೇಶಿಸಬೇಕು. ಮಾನವೀಯ ನೆರವು ಅಡೆತಡೆಯಿಲ್ಲದೆ ತಲುಪಬೇಕು. ಆಸ್ಪತ್ರೆ ನಿರ್ದೇಶಕರು ಸೇರಿದಂತೆ ಹಲವು ವೈದ್ಯರನ್ನು ಇಸ್ರೇಲ್ ಸೇನೆ ವಶಕ್ಕೆ ಪಡೆದಿದೆ ಎಂದು ಗಾಝಾ ಆರೋಗ್ಯ ಸಚಿವಾಲಯ ತಿಳಿಸಿದೆ.
ಮಹತ್ವವನ್ನು ಒತ್ತಿ ಹೇಳಿದ ಸಚಿವಾಲಯವು ಹಿಂಸಾಚಾರವನ್ನು ಕೊನೆಗೊಳಿಸುವುದು ಅಗತ್ಯವಾಗಿದೆ ಎಂದು ಕರೆ ನೀಡಿದೆ. ನಾಗರಿಕರು ಮತ್ತು ನಾಗರಿಕ ಸಂಸ್ಥೆಗಳನ್ನು ರಕ್ಷಿಸುವ ತುರ್ತು ಅಗತ್ಯವಿದೆ.
